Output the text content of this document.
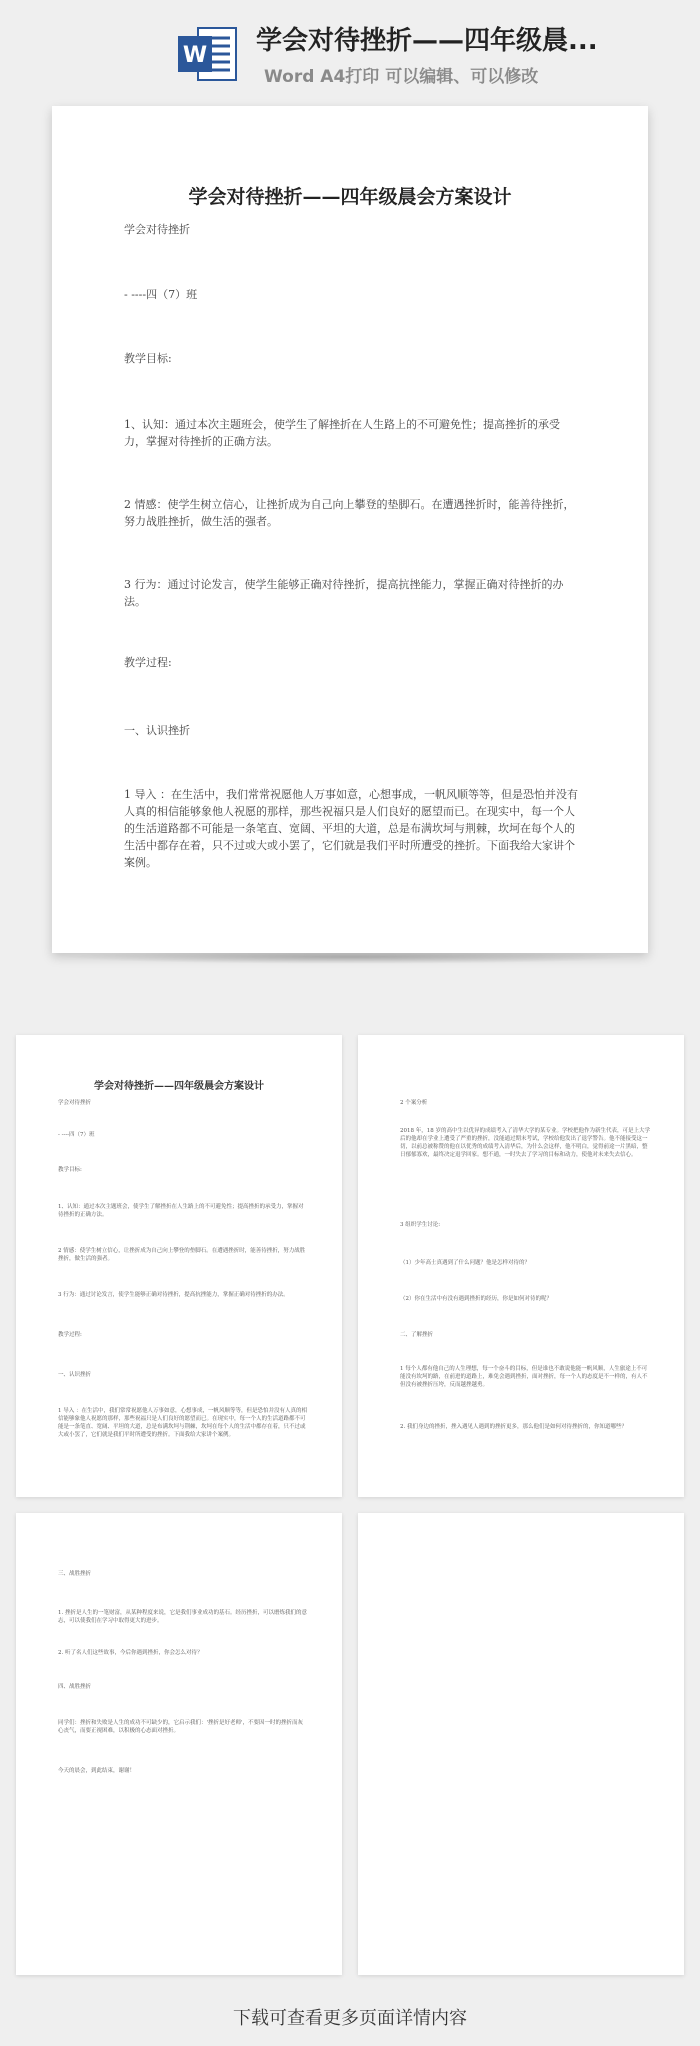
W 学会对待挫折——四年级晨...
Word A4打印 可以编辑、可以修改
学会对待挫折——四年级晨会方案设计
学会对待挫折
- ----四（7）班
教学目标:
1、认知：通过本次主题班会，使学生了解挫折在人生路上的不可避免性；提高挫折的承受力，掌握对待挫折的正确方法。
2 情感：使学生树立信心，让挫折成为自己向上攀登的垫脚石。在遭遇挫折时，能善待挫折，努力战胜挫折，做生活的强者。
3 行为：通过讨论发言，使学生能够正确对待挫折，提高抗挫能力，掌握正确对待挫折的办法。
教学过程:
一、认识挫折
1 导入 ：在生活中，我们常常祝愿他人万事如意，心想事成，一帆风顺等等，但是恐怕并没有人真的相信能够象他人祝愿的那样，那些祝福只是人们良好的愿望而已。在现实中，每一个人的生活道路都不可能是一条笔直、宽阔、平坦的大道，总是布满坎坷与荆棘，坎坷在每个人的生活中都存在着，只不过或大或小罢了，它们就是我们平时所遭受的挫折。下面我给大家讲个案例。
学会对待挫折——四年级晨会方案设计
学会对待挫折
- ----四（7）班
教学目标:
1、认知：通过本次主题班会，使学生了解挫折在人生路上的不可避免性；提高挫折的承受力，掌握对待挫折的正确方法。
2 情感：使学生树立信心，让挫折成为自己向上攀登的垫脚石。在遭遇挫折时，能善待挫折，努力战胜挫折，做生活的强者。
3 行为：通过讨论发言，使学生能够正确对待挫折，提高抗挫能力，掌握正确对待挫折的办法。
教学过程:
一、认识挫折
1 导入 ：在生活中，我们常常祝愿他人万事如意，心想事成，一帆风顺等等，但是恐怕并没有人真的相信能够象他人祝愿的那样，那些祝福只是人们良好的愿望而已。在现实中，每一个人的生活道路都不可能是一条笔直、宽阔、平坦的大道，总是布满坎坷与荆棘，坎坷在每个人的生活中都存在着，只不过或大或小罢了，它们就是我们平时所遭受的挫折。下面我给大家讲个案例。
2 个案分析
2018 年，18 岁的高中生以优异的成绩考入了清华大学的某专业。学校把他作为新生代表，可是上大学后的他却在学业上遭受了严重的挫折，没能通过期末考试，学校给他发出了退学警告。他不能接受这一切，以前总被称赞的他在以优秀的成绩考入清华后，为什么会这样，他不明白，觉得前途一片黑暗，整日郁郁寡欢，最终决定退学回家。想不通，一时失去了学习的目标和动力，使他对未来失去信心。
3 组织学生讨论:
（1）少年高士真遇到了什么问题？他是怎样对待的？
（2）你在生活中有没有遇到挫折的经历，你是如何对待的呢？
二、了解挫折
1 每个人都有他自己的人生理想，每一个奋斗的目标，但是谁也不敢说他能一帆风顺，人生旅途上不可能没有坎坷的路，在前进的道路上，难免会遇到挫折，面对挫折，每一个人的态度是不一样的，有人不但没有被挫折压垮，反而越挫越勇。
2. 我们身边的挫折，挫入遇见人遇到的挫折更多，那么他们是如何对待挫折的，你知道哪些？
三、战胜挫折
1. 挫折是人生的一笔财富，从某种程度来说，它是我们事业成功的基石。经历挫折，可以磨炼我们的意志，可以使我们在学习中取得更大的进步。
2. 听了名人们这些故事，今后你遇到挫折，你会怎么对待？
四、战胜挫折
同学们：挫折和失败是人生的成功不可缺少的，它启示我们：'挫折是好老师'，不要因一时的挫折而灰心丧气，而要正视困难，以积极的心态面对挫折。
今天的晨会，到此结束，谢谢！
下载可查看更多页面详情内容
